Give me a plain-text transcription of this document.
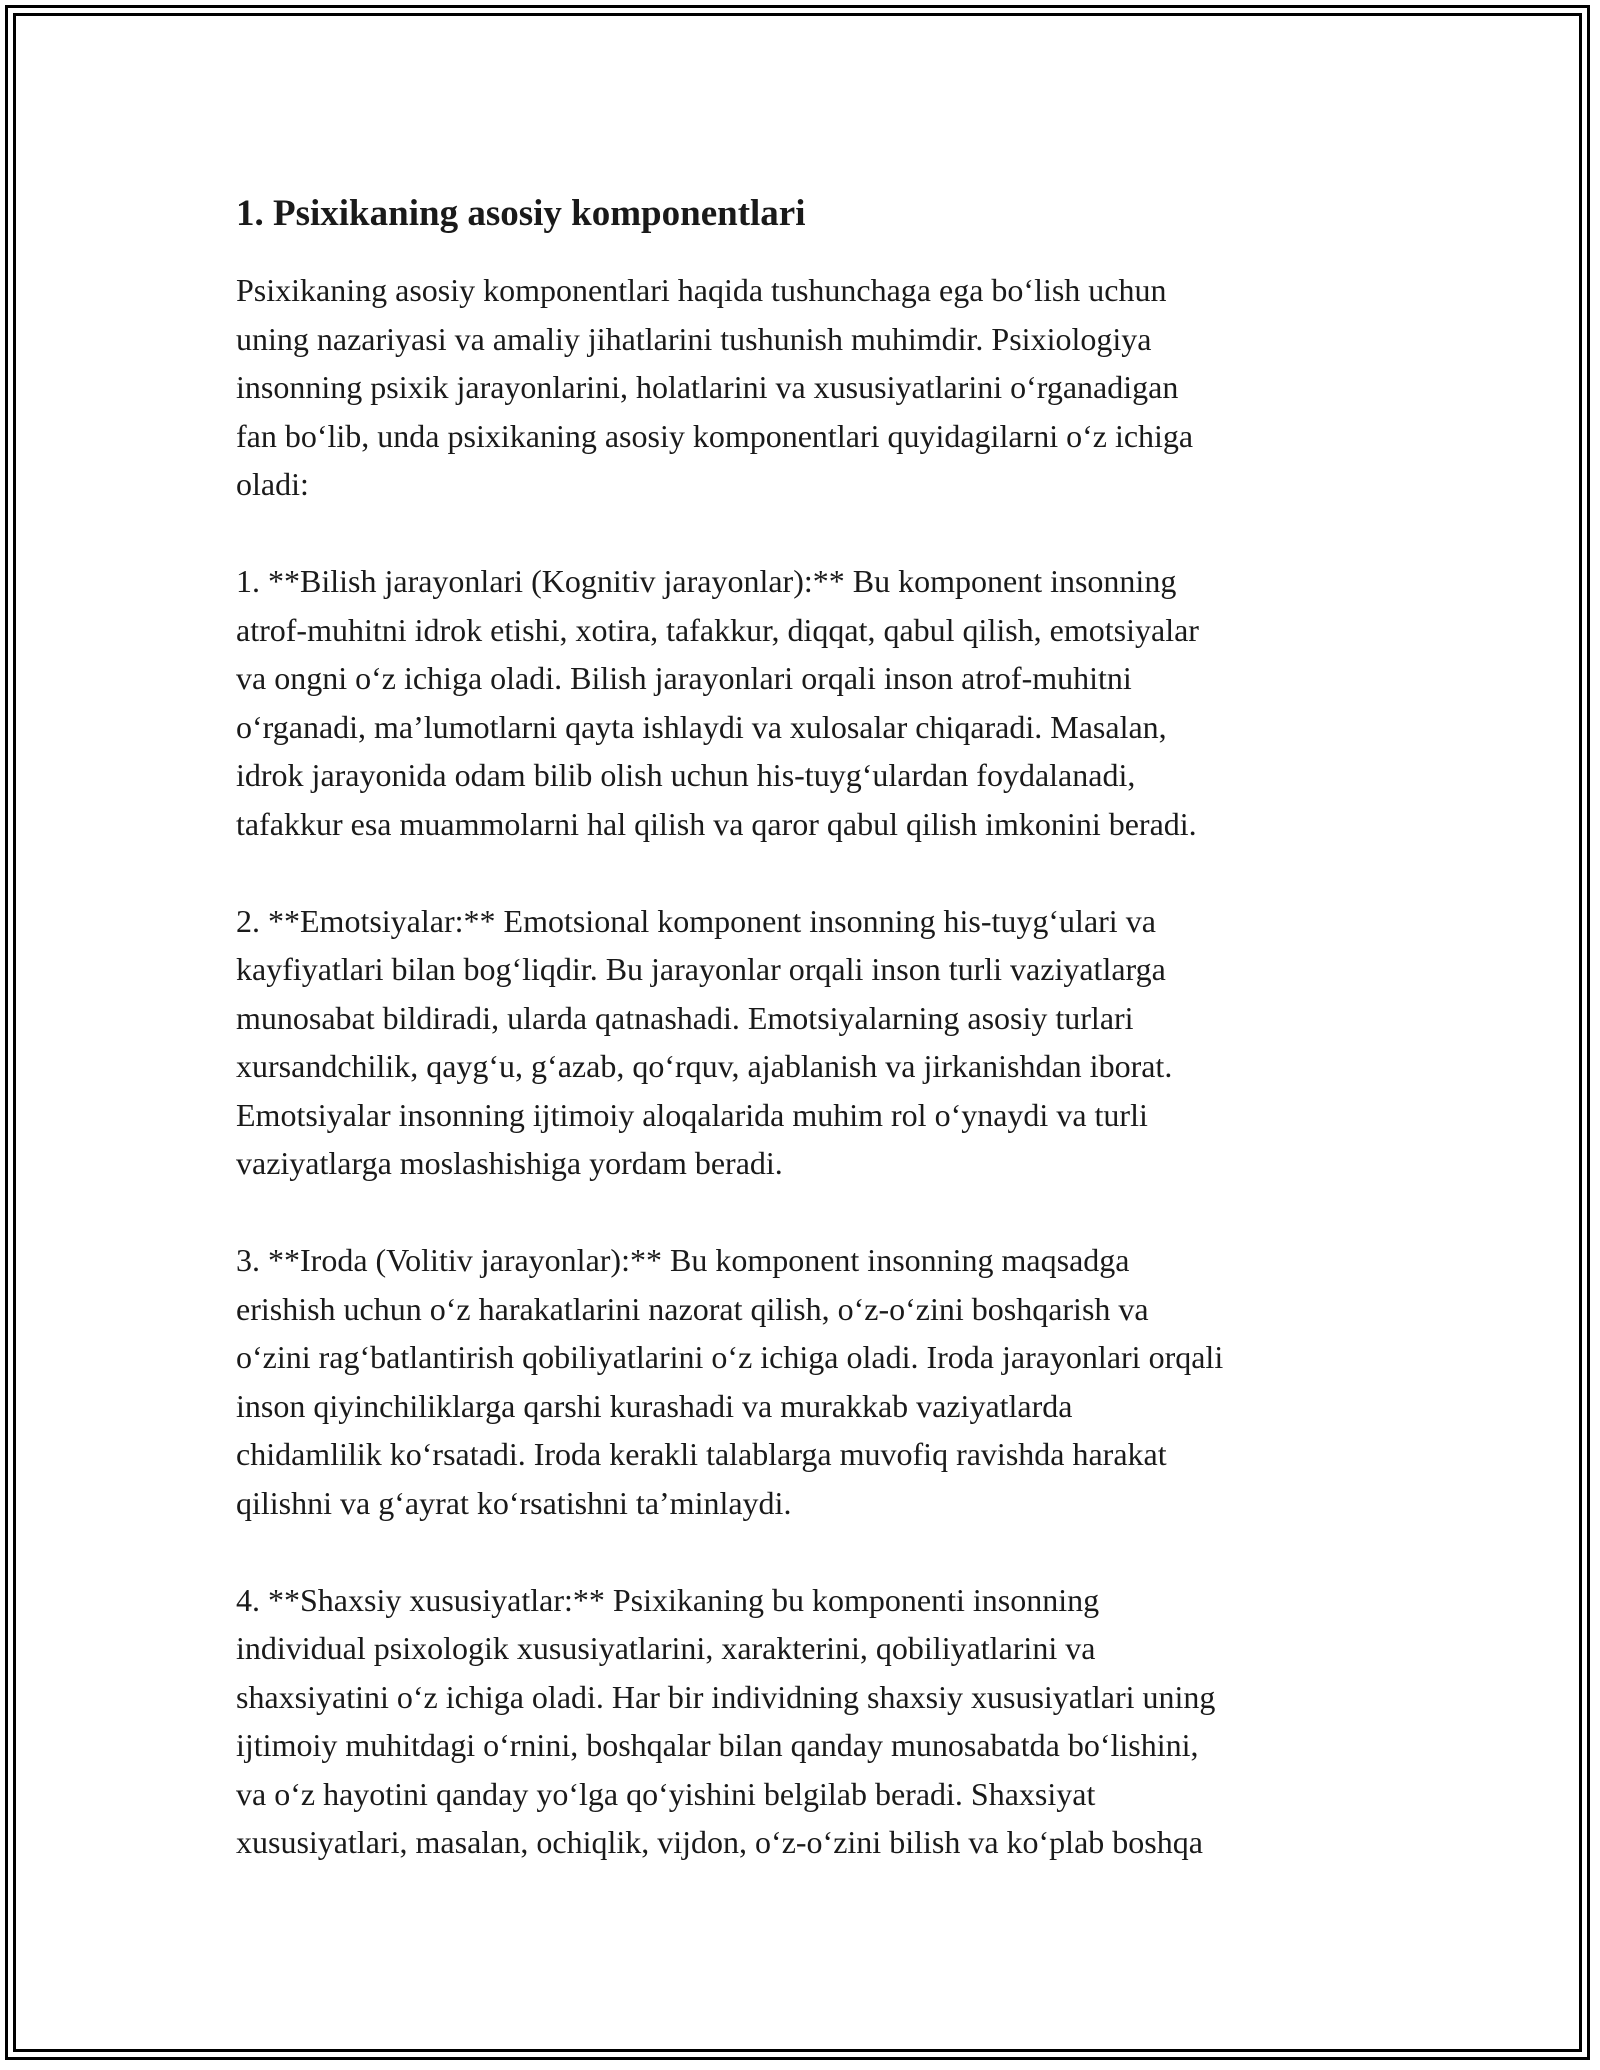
1. Psixikaning asosiy komponentlari

Psixikaning asosiy komponentlari haqida tushunchaga ega boʻlish uchun
uning nazariyasi va amaliy jihatlarini tushunish muhimdir. Psixiologiya
insonning psixik jarayonlarini, holatlarini va xususiyatlarini oʻrganadigan
fan boʻlib, unda psixikaning asosiy komponentlari quyidagilarni oʻz ichiga
oladi:

1. **Bilish jarayonlari (Kognitiv jarayonlar):** Bu komponent insonning
atrof-muhitni idrok etishi, xotira, tafakkur, diqqat, qabul qilish, emotsiyalar
va ongni oʻz ichiga oladi. Bilish jarayonlari orqali inson atrof-muhitni
oʻrganadi, maʼlumotlarni qayta ishlaydi va xulosalar chiqaradi. Masalan,
idrok jarayonida odam bilib olish uchun his-tuygʻulardan foydalanadi,
tafakkur esa muammolarni hal qilish va qaror qabul qilish imkonini beradi.

2. **Emotsiyalar:** Emotsional komponent insonning his-tuygʻulari va
kayfiyatlari bilan bogʻliqdir. Bu jarayonlar orqali inson turli vaziyatlarga
munosabat bildiradi, ularda qatnashadi. Emotsiyalarning asosiy turlari
xursandchilik, qaygʻu, gʻazab, qoʻrquv, ajablanish va jirkanishdan iborat.
Emotsiyalar insonning ijtimoiy aloqalarida muhim rol oʻynaydi va turli
vaziyatlarga moslashishiga yordam beradi.

3. **Iroda (Volitiv jarayonlar):** Bu komponent insonning maqsadga
erishish uchun oʻz harakatlarini nazorat qilish, oʻz-oʻzini boshqarish va
oʻzini ragʻbatlantirish qobiliyatlarini oʻz ichiga oladi. Iroda jarayonlari orqali
inson qiyinchiliklarga qarshi kurashadi va murakkab vaziyatlarda
chidamlilik koʻrsatadi. Iroda kerakli talablarga muvofiq ravishda harakat
qilishni va gʻayrat koʻrsatishni taʼminlaydi.

4. **Shaxsiy xususiyatlar:** Psixikaning bu komponenti insonning
individual psixologik xususiyatlarini, xarakterini, qobiliyatlarini va
shaxsiyatini oʻz ichiga oladi. Har bir individning shaxsiy xususiyatlari uning
ijtimoiy muhitdagi oʻrnini, boshqalar bilan qanday munosabatda boʻlishini,
va oʻz hayotini qanday yoʻlga qoʻyishini belgilab beradi. Shaxsiyat
xususiyatlari, masalan, ochiqlik, vijdon, oʻz-oʻzini bilish va koʻplab boshqa
